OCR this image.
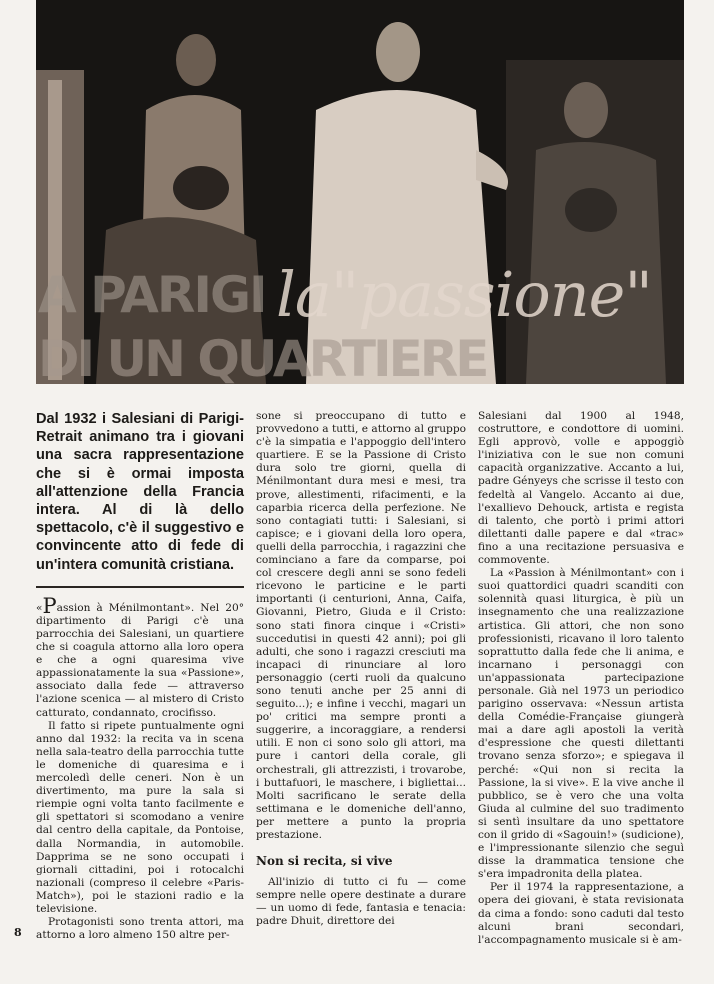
A PARIGI la"passione"
DI UN QUARTIERE
Dal 1932 i Salesiani di Parigi-Retrait animano tra i giovani una sacra rappresentazione che si è ormai imposta all'attenzione della Francia intera. Al di là dello spettacolo, c'è il suggestivo e convincente atto di fede di un'intera comunità cristiana.

«Passion à Ménilmontant». Nel 20° dipartimento di Parigi c'è una parrocchia dei Salesiani, un quartiere che si coagula attorno alla loro opera e che a ogni quaresima vive appassionatamente la sua «Passione», associato dalla fede — attraverso l'azione scenica — al mistero di Cristo catturato, condannato, crocifisso.

Il fatto si ripete puntualmente ogni anno dal 1932: la recita va in scena nella sala-teatro della parrocchia tutte le domeniche di quaresima e i mercoledì delle ceneri. Non è un divertimento, ma pure la sala si riempie ogni volta tanto facilmente e gli spettatori si scomodano a venire dal centro della capitale, da Pontoise, dalla Normandia, in automobile. Dapprima se ne sono occupati i giornali cittadini, poi i rotocalchi nazionali (compreso il celebre «Paris-Match»), poi le stazioni radio e la televisione.

Protagonisti sono trenta attori, ma attorno a loro almeno 150 altre per-

sone si preoccupano di tutto e provvedono a tutti, e attorno al gruppo c'è la simpatia e l'appoggio dell'intero quartiere. E se la Passione di Cristo dura solo tre giorni, quella di Ménilmontant dura mesi e mesi, tra prove, allestimenti, rifacimenti, e la caparbia ricerca della perfezione. Ne sono contagiati tutti: i Salesiani, si capisce; e i giovani della loro opera, quelli della parrocchia, i ragazzini che cominciano a fare da comparse, poi col crescere degli anni se sono fedeli ricevono le particine e le parti importanti (i centurioni, Anna, Caifa, Giovanni, Pietro, Giuda e il Cristo: sono stati finora cinque i «Cristi» succedutisi in questi 42 anni); poi gli adulti, che sono i ragazzi cresciuti ma incapaci di rinunciare al loro personaggio (certi ruoli da qualcuno sono tenuti anche per 25 anni di seguito...); e infine i vecchi, magari un po' critici ma sempre pronti a suggerire, a incoraggiare, a rendersi utili. E non ci sono solo gli attori, ma pure i cantori della corale, gli orchestrali, gli attrezzisti, i trovarobe, i buttafuori, le maschere, i bigliettai... Molti sacrificano le serate della settimana e le domeniche dell'anno, per mettere a punto la propria prestazione.

Non si recita, si vive

All'inizio di tutto ci fu — come sempre nelle opere destinate a durare — un uomo di fede, fantasia e tenacia: padre Dhuit, direttore dei

Salesiani dal 1900 al 1948, costruttore, e condottore di uomini. Egli approvò, volle e appoggiò l'iniziativa con le sue non comuni capacità organizzative. Accanto a lui, padre Gényeys che scrisse il testo con fedeltà al Vangelo. Accanto ai due, l'exallievo Dehouck, artista e regista di talento, che portò i primi attori dilettanti dalle papere e dal «trac» fino a una recitazione persuasiva e commovente.

La «Passion à Ménilmontant» con i suoi quattordici quadri scanditi con solennità quasi liturgica, è più un insegnamento che una realizzazione artistica. Gli attori, che non sono professionisti, ricavano il loro talento soprattutto dalla fede che li anima, e incarnano i personaggi con un'appassionata partecipazione personale. Già nel 1973 un periodico parigino osservava: «Nessun artista della Comédie-Française giungerà mai a dare agli apostoli la verità d'espressione che questi dilettanti trovano senza sforzo»; e spiegava il perché: «Qui non si recita la Passione, la si vive». E la vive anche il pubblico, se è vero che una volta Giuda al culmine del suo tradimento si sentì insultare da uno spettatore con il grido di «Sagouin!» (sudicione), e l'impressionante silenzio che seguì disse la drammatica tensione che s'era impadronita della platea.

Per il 1974 la rappresentazione, a opera dei giovani, è stata revisionata da cima a fondo: sono caduti dal testo alcuni brani secondari, l'accompagnamento musicale si è am-

8
